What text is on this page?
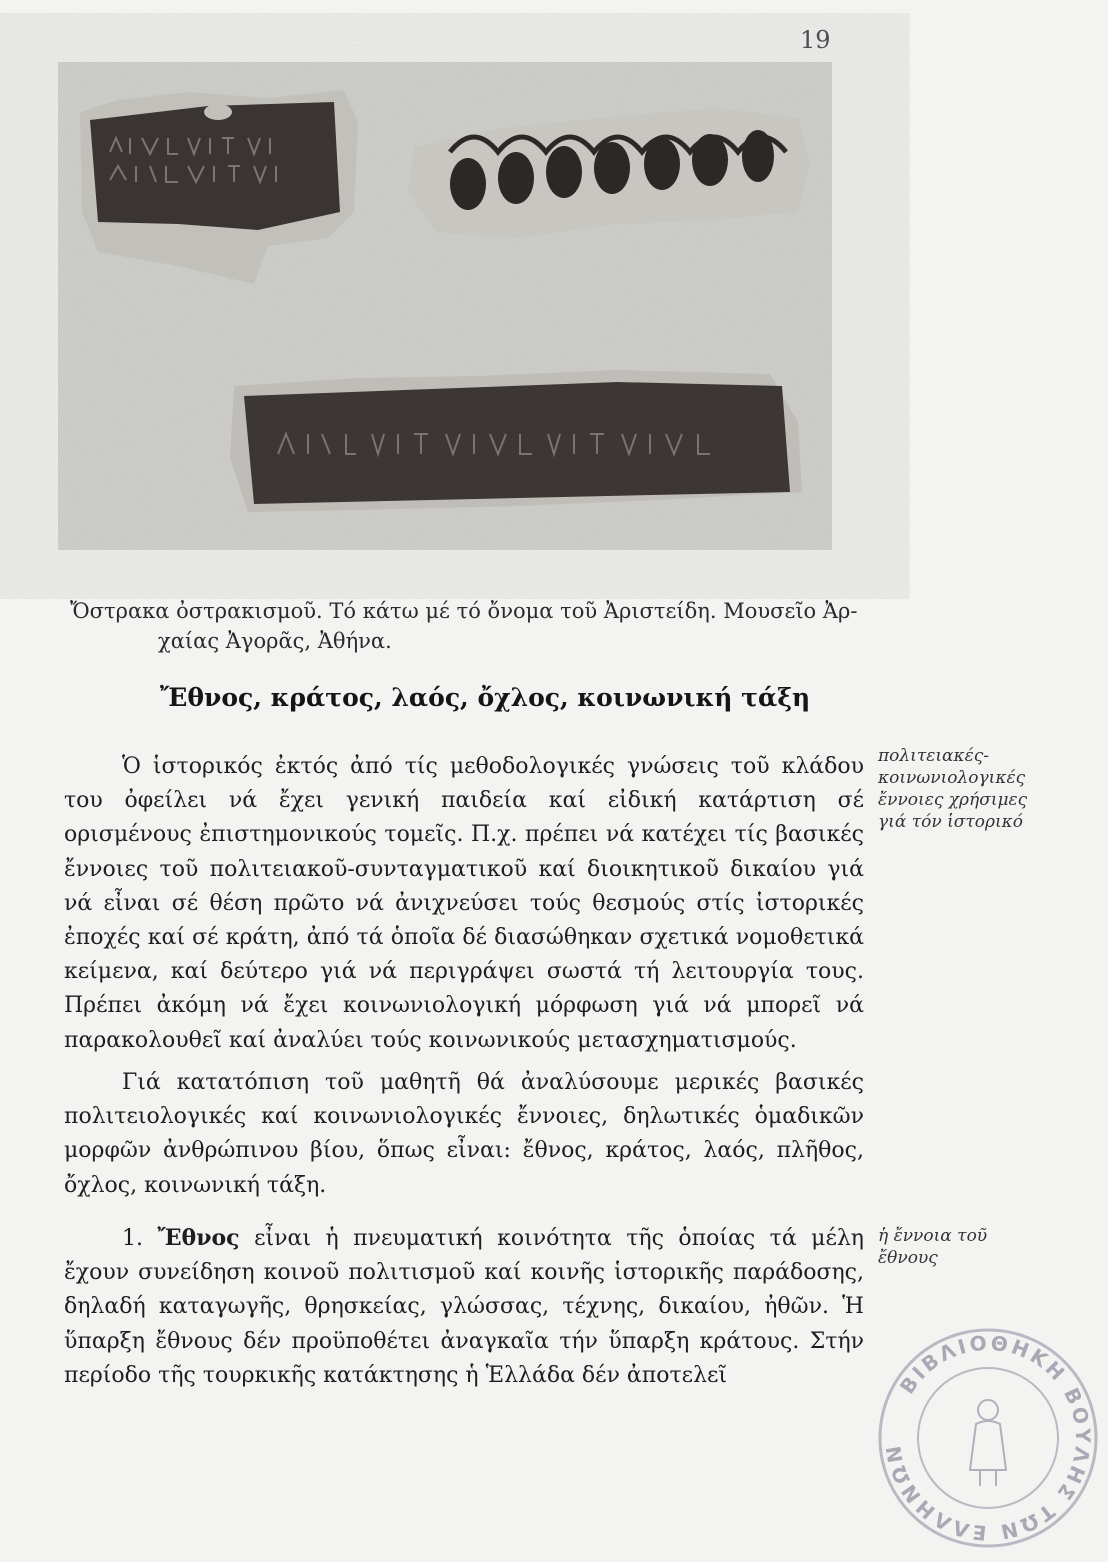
19
Ὄστρακα ὀστρακισμοῦ. Τό κάτω μέ τό ὄνομα τοῦ Ἀριστείδη. Μουσεῖο Ἀρ-
χαίας Ἀγορᾶς, Ἀθήνα.
Ἔθνος, κράτος, λαός, ὄχλος, κοινωνική τάξη
Ὁ ἱστορικός ἐκτός ἀπό τίς μεθοδολογικές γνώσεις τοῦ κλάδου του ὀφείλει νά ἔχει γενική παιδεία καί εἰδική κατάρτιση σέ ορισμένους ἐπιστημονικούς τομεῖς. Π.χ. πρέπει νά κατέχει τίς βασικές ἔννοιες τοῦ πολιτειακοῦ-συνταγματικοῦ καί διοικητικοῦ δικαίου γιά νά εἶναι σέ θέση πρῶτο νά ἀνιχνεύσει τούς θεσμούς στίς ἱστορικές ἐποχές καί σέ κράτη, ἀπό τά ὁποῖα δέ διασώθηκαν σχετικά νομοθετικά κείμενα, καί δεύτερο γιά νά περιγράψει σωστά τή λειτουργία τους. Πρέπει ἀκόμη νά ἔχει κοινωνιολογική μόρφωση γιά νά μπορεῖ νά παρακολουθεῖ καί ἀναλύει τούς κοινωνικούς μετασχηματισμούς.
Γιά κατατόπιση τοῦ μαθητῆ θά ἀναλύσουμε μερικές βασικές πολιτειολογικές καί κοινωνιολογικές ἔννοιες, δηλωτικές ὁμαδικῶν μορφῶν ἀνθρώπινου βίου, ὅπως εἶναι: ἔθνος, κράτος, λαός, πλῆθος, ὄχλος, κοινωνική τάξη.
1. Ἔθνος εἶναι ἡ πνευματική κοινότητα τῆς ὁποίας τά μέλη ἔχουν συνείδηση κοινοῦ πολιτισμοῦ καί κοινῆς ἱστορικῆς παράδοσης, δηλαδή καταγωγῆς, θρησκείας, γλώσσας, τέχνης, δικαίου, ἠθῶν. Ἡ ὕπαρξη ἔθνους δέν προϋποθέτει ἀναγκαῖα τήν ὕπαρξη κράτους. Στήν περίοδο τῆς τουρκικῆς κατάκτησης ἡ Ἑλλάδα δέν ἀποτελεῖ
πολιτειακές-κοινωνιολογικές ἔννοιες χρήσιμες γιά τόν ἱστορικό
ἡ ἔννοια τοῦ ἔθνους
ΒΙΒΛΙΟΘΗΚΗ ΒΟΥΛΗΣ ΤΩΝ ΕΛΛΗΝΩΝ
